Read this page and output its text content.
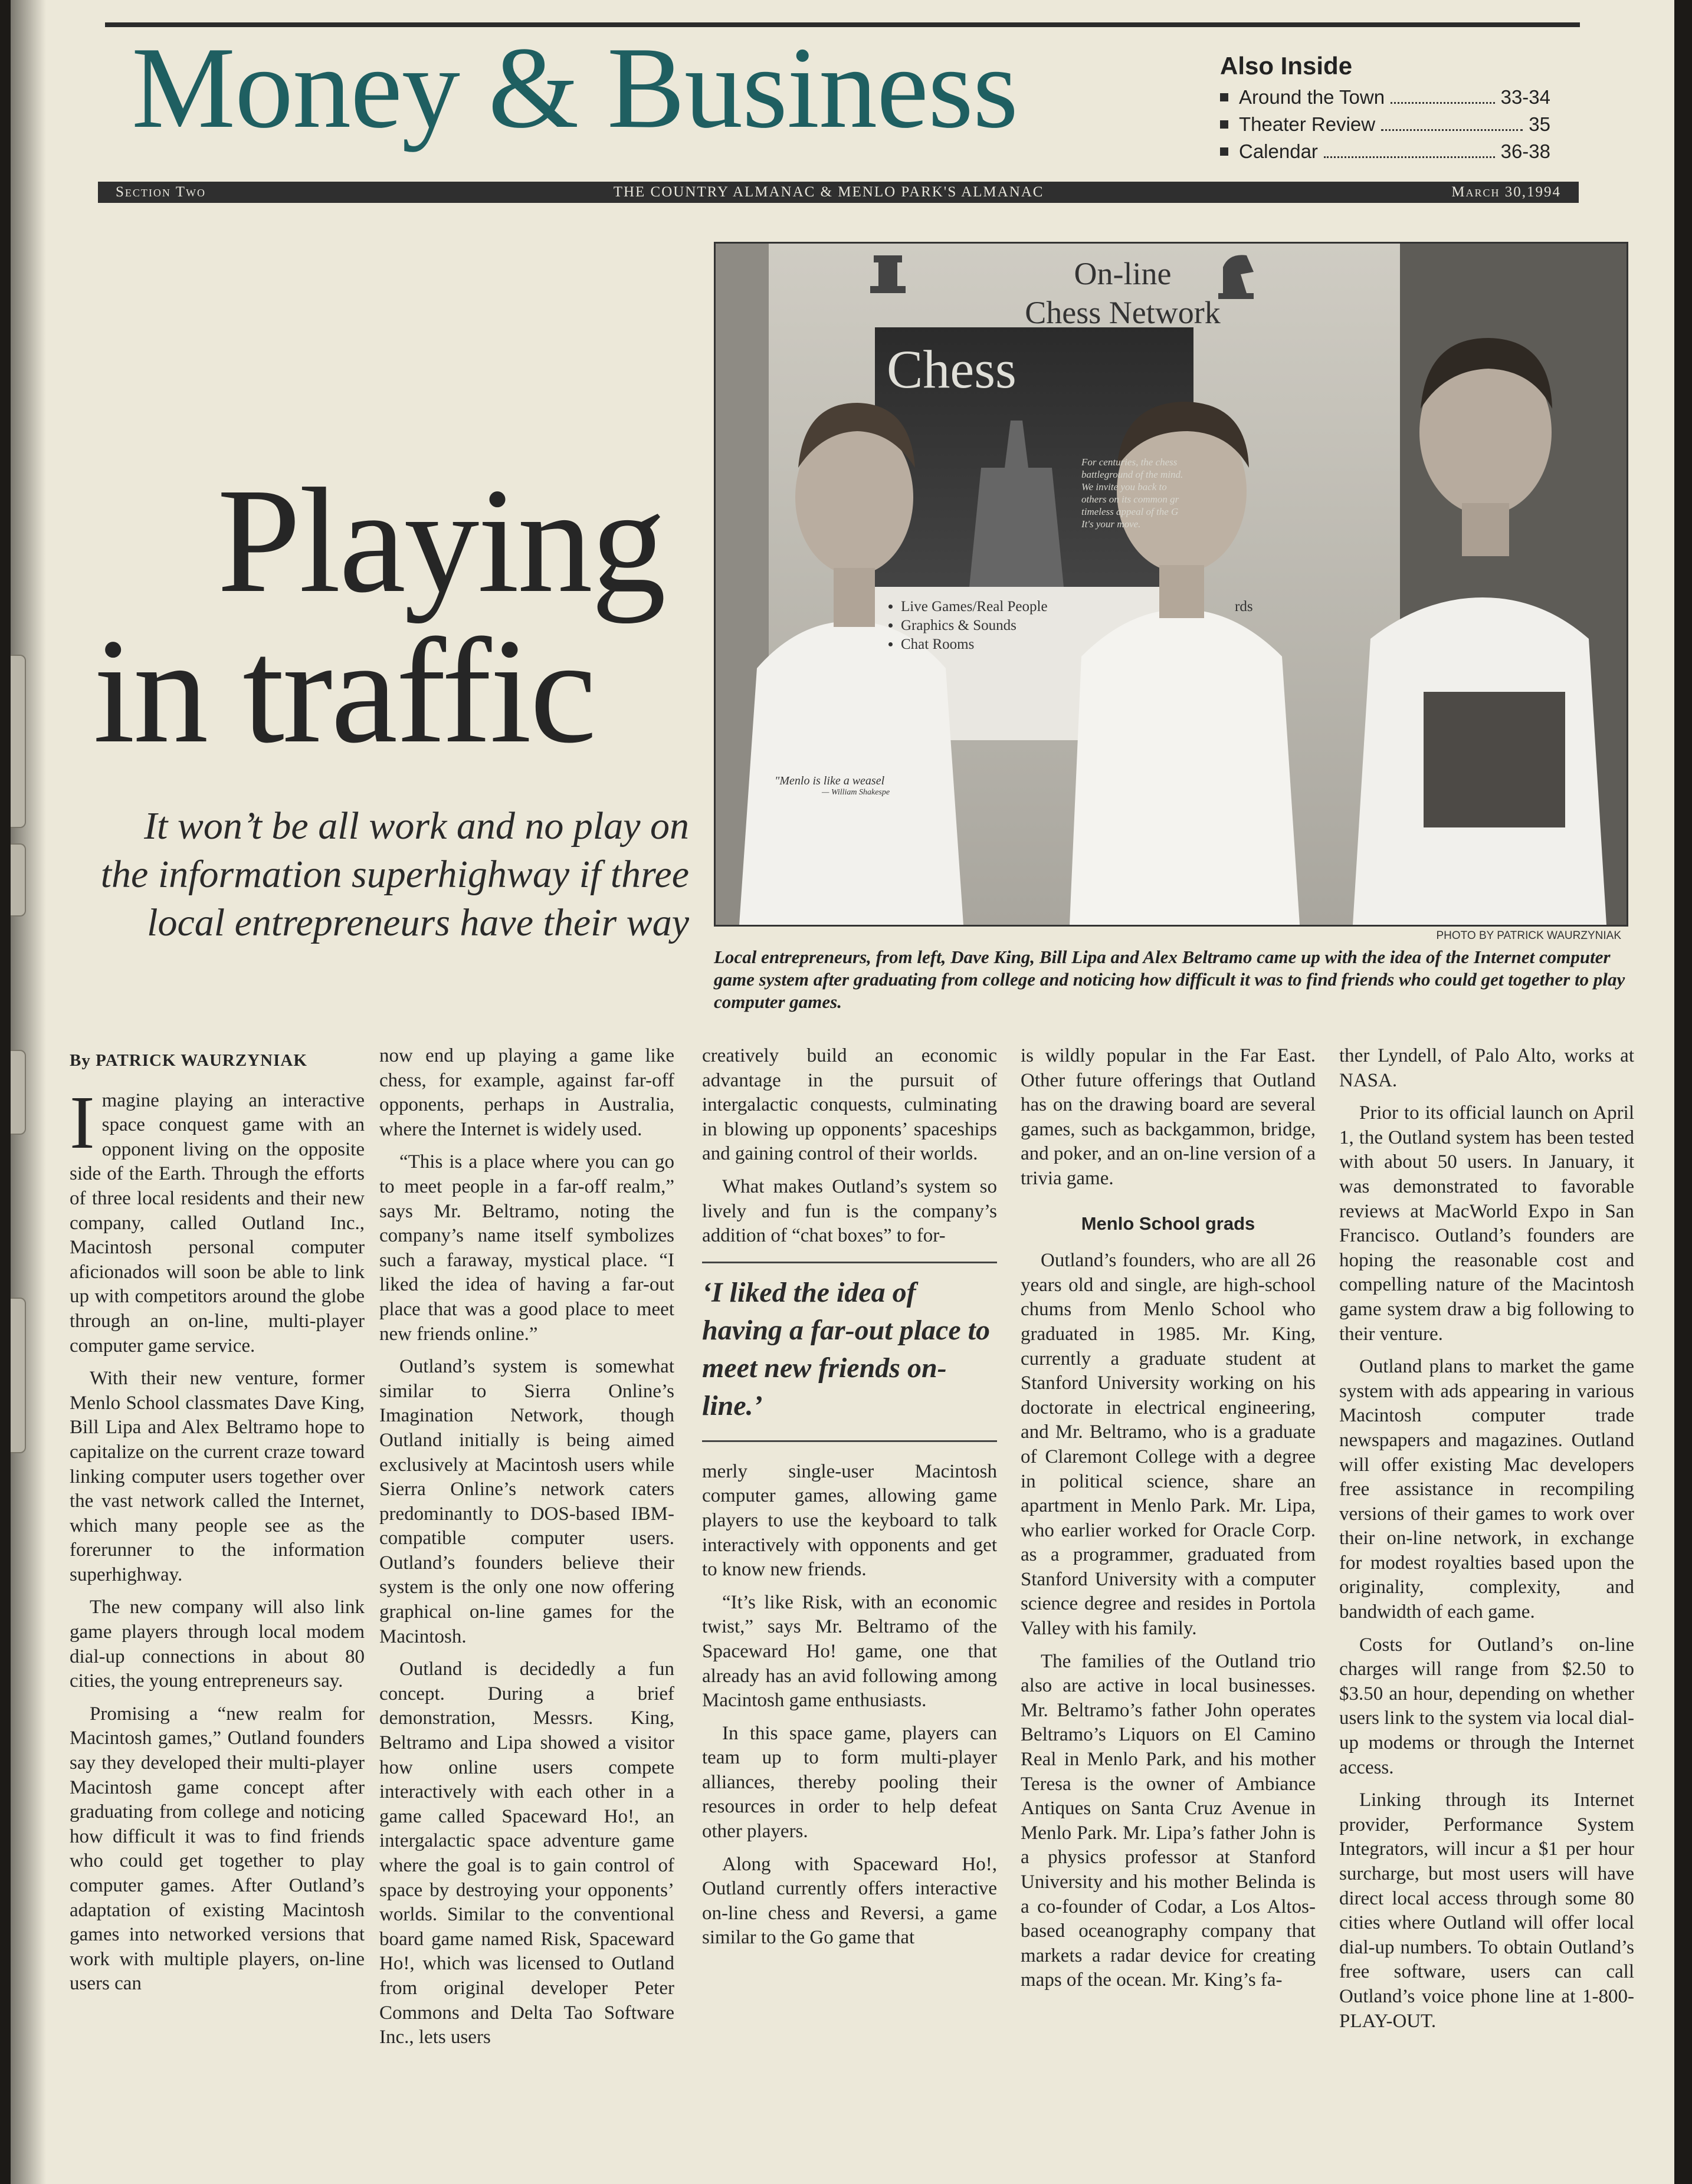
Money & Business	Also Inside
Around the Town	33-34
Theater Review	35
Calendar	36-38
Section Two	THE COUNTRY ALMANAC & MENLO PARK'S ALMANAC	March 30,1994
Playing
in traffic

It won’t be all work and no play on the information superhighway if three local entrepreneurs have their way

On-line
Chess Network
Chess
For centuries, the chess battleground of the mind. We invite you back to others on its common gr timeless appeal of the G It's your move.
• Live Games/Real People
• Graphics & Sounds
• Chat Rooms
rds
"Menlo is like a weasel
— William Shakespe
PHOTO BY PATRICK WAURZYNIAK

Local entrepreneurs, from left, Dave King, Bill Lipa and Alex Beltramo came up with the idea of the Internet computer game system after graduating from college and noticing how difficult it was to find friends who could get together to play computer games.

By PATRICK WAURZYNIAK

Imagine playing an interactive space conquest game with an opponent living on the opposite side of the Earth. Through the efforts of three local residents and their new company, called Outland Inc., Macintosh personal computer aficionados will soon be able to link up with competitors around the globe through an on-line, multi-player computer game service.

With their new venture, former Menlo School classmates Dave King, Bill Lipa and Alex Beltramo hope to capitalize on the current craze toward linking computer users together over the vast network called the Internet, which many people see as the forerunner to the information superhighway.

The new company will also link game players through local modem dial-up connections in about 80 cities, the young entrepreneurs say.

Promising a “new realm for Macintosh games,” Outland founders say they developed their multi-player Macintosh game concept after graduating from college and noticing how difficult it was to find friends who could get together to play computer games. After Outland’s adaptation of existing Macintosh games into networked versions that work with multiple players, on-line users can

now end up playing a game like chess, for example, against far-off opponents, perhaps in Australia, where the Internet is widely used.

“This is a place where you can go to meet people in a far-off realm,” says Mr. Beltramo, noting the company’s name itself symbolizes such a faraway, mystical place. “I liked the idea of having a far-out place that was a good place to meet new friends online.”

Outland’s system is somewhat similar to Sierra Online’s Imagination Network, though Outland initially is being aimed exclusively at Macintosh users while Sierra Online’s network caters predominantly to DOS-based IBM-compatible computer users. Outland’s founders believe their system is the only one now offering graphical on-line games for the Macintosh.

Outland is decidedly a fun concept. During a brief demonstration, Messrs. King, Beltramo and Lipa showed a visitor how online users compete interactively with each other in a game called Spaceward Ho!, an intergalactic space adventure game where the goal is to gain control of space by destroying your opponents’ worlds. Similar to the conventional board game named Risk, Spaceward Ho!, which was licensed to Outland from original developer Peter Commons and Delta Tao Software Inc., lets users

creatively build an economic advantage in the pursuit of intergalactic conquests, culminating in blowing up opponents’ spaceships and gaining control of their worlds.

What makes Outland’s system so lively and fun is the company’s addition of “chat boxes” to for-

‘I liked the idea of having a far-out place to meet new friends on-line.’

merly single-user Macintosh computer games, allowing game players to use the keyboard to talk interactively with opponents and get to know new friends.

“It’s like Risk, with an economic twist,” says Mr. Beltramo of the Spaceward Ho! game, one that already has an avid following among Macintosh game enthusiasts.

In this space game, players can team up to form multi-player alliances, thereby pooling their resources in order to help defeat other players.

Along with Spaceward Ho!, Outland currently offers interactive on-line chess and Reversi, a game similar to the Go game that

is wildly popular in the Far East. Other future offerings that Outland has on the drawing board are several games, such as backgammon, bridge, and poker, and an on-line version of a trivia game.

Menlo School grads

Outland’s founders, who are all 26 years old and single, are high-school chums from Menlo School who graduated in 1985. Mr. King, currently a graduate student at Stanford University working on his doctorate in electrical engineering, and Mr. Beltramo, who is a graduate of Claremont College with a degree in political science, share an apartment in Menlo Park. Mr. Lipa, who earlier worked for Oracle Corp. as a programmer, graduated from Stanford University with a computer science degree and resides in Portola Valley with his family.

The families of the Outland trio also are active in local businesses. Mr. Beltramo’s father John operates Beltramo’s Liquors on El Camino Real in Menlo Park, and his mother Teresa is the owner of Ambiance Antiques on Santa Cruz Avenue in Menlo Park. Mr. Lipa’s father John is a physics professor at Stanford University and his mother Belinda is a co-founder of Codar, a Los Altos-based oceanography company that markets a radar device for creating maps of the ocean. Mr. King’s fa-

ther Lyndell, of Palo Alto, works at NASA.

Prior to its official launch on April 1, the Outland system has been tested with about 50 users. In January, it was demonstrated to favorable reviews at MacWorld Expo in San Francisco. Outland’s founders are hoping the reasonable cost and compelling nature of the Macintosh game system draw a big following to their venture.

Outland plans to market the game system with ads appearing in various Macintosh computer trade newspapers and magazines. Outland will offer existing Mac developers free assistance in recompiling versions of their games to work over their on-line network, in exchange for modest royalties based upon the originality, complexity, and bandwidth of each game.

Costs for Outland’s on-line charges will range from $2.50 to $3.50 an hour, depending on whether users link to the system via local dial-up modems or through the Internet access.

Linking through its Internet provider, Performance System Integrators, will incur a $1 per hour surcharge, but most users will have direct local access through some 80 cities where Outland will offer local dial-up numbers. To obtain Outland’s free software, users can call Outland’s voice phone line at 1-800-PLAY-OUT.
